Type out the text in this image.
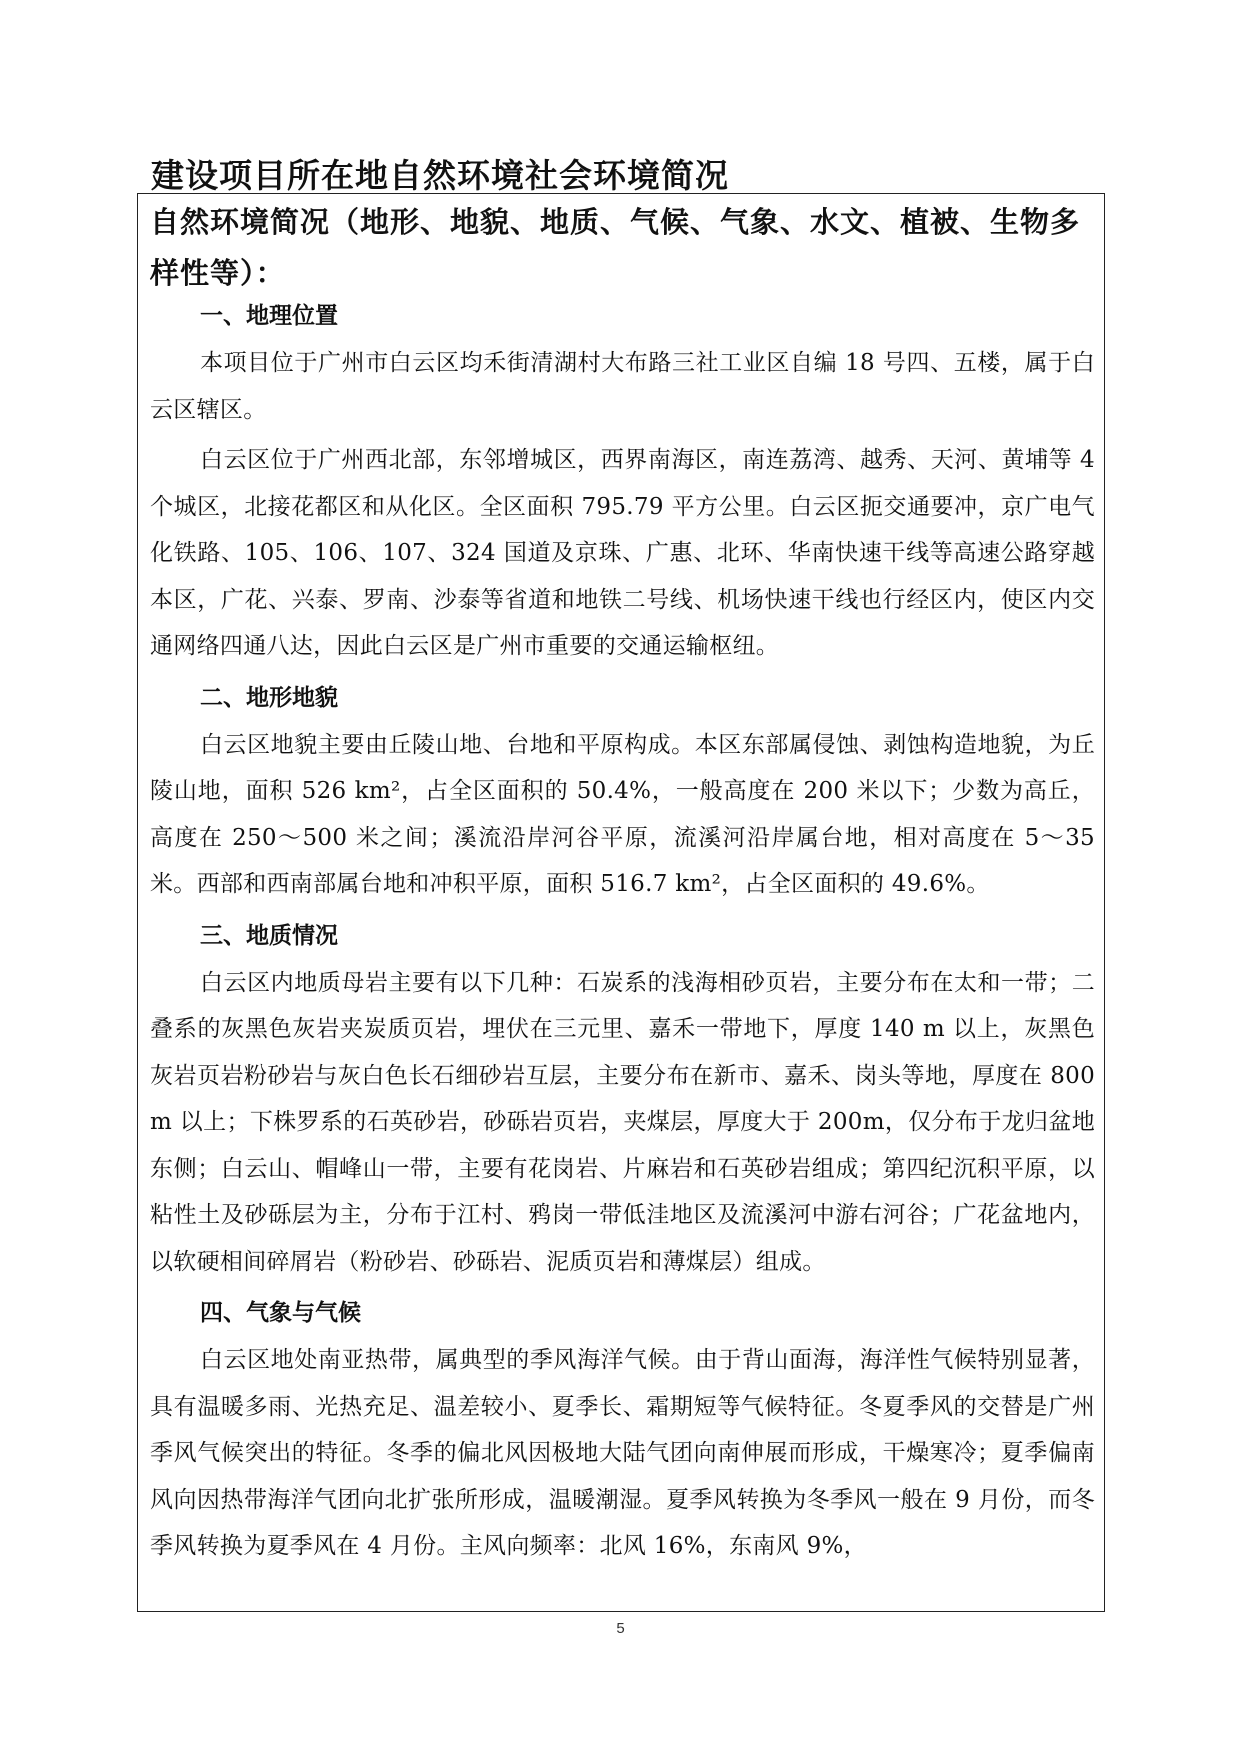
建设项目所在地自然环境社会环境简况
自然环境简况（地形、地貌、地质、气候、气象、水文、植被、生物多样性等）：
一、地理位置

本项目位于广州市白云区均禾街清湖村大布路三社工业区自编 18 号四、五楼，属于白云区辖区。

白云区位于广州西北部，东邻增城区，西界南海区，南连荔湾、越秀、天河、黄埔等 4 个城区，北接花都区和从化区。全区面积 795.79 平方公里。白云区扼交通要冲，京广电气化铁路、105、106、107、324 国道及京珠、广惠、北环、华南快速干线等高速公路穿越本区，广花、兴泰、罗南、沙泰等省道和地铁二号线、机场快速干线也行经区内，使区内交通网络四通八达，因此白云区是广州市重要的交通运输枢纽。

二、地形地貌

白云区地貌主要由丘陵山地、台地和平原构成。本区东部属侵蚀、剥蚀构造地貌，为丘陵山地，面积 526 km²，占全区面积的 50.4%，一般高度在 200 米以下；少数为高丘，高度在 250～500 米之间；溪流沿岸河谷平原，流溪河沿岸属台地，相对高度在 5～35 米。西部和西南部属台地和冲积平原，面积 516.7 km²，占全区面积的 49.6%。

三、地质情况

白云区内地质母岩主要有以下几种：石炭系的浅海相砂页岩，主要分布在太和一带；二叠系的灰黑色灰岩夹炭质页岩，埋伏在三元里、嘉禾一带地下，厚度 140 m 以上，灰黑色灰岩页岩粉砂岩与灰白色长石细砂岩互层，主要分布在新市、嘉禾、岗头等地，厚度在 800 m 以上；下株罗系的石英砂岩，砂砾岩页岩，夹煤层，厚度大于 200m，仅分布于龙归盆地东侧；白云山、帽峰山一带，主要有花岗岩、片麻岩和石英砂岩组成；第四纪沉积平原，以粘性土及砂砾层为主，分布于江村、鸦岗一带低洼地区及流溪河中游右河谷；广花盆地内，以软硬相间碎屑岩（粉砂岩、砂砾岩、泥质页岩和薄煤层）组成。

四、气象与气候

白云区地处南亚热带，属典型的季风海洋气候。由于背山面海，海洋性气候特别显著，具有温暖多雨、光热充足、温差较小、夏季长、霜期短等气候特征。冬夏季风的交替是广州季风气候突出的特征。冬季的偏北风因极地大陆气团向南伸展而形成，干燥寒冷；夏季偏南风向因热带海洋气团向北扩张所形成，温暖潮湿。夏季风转换为冬季风一般在 9 月份，而冬季风转换为夏季风在 4 月份。主风向频率：北风 16%，东南风 9%，

5
